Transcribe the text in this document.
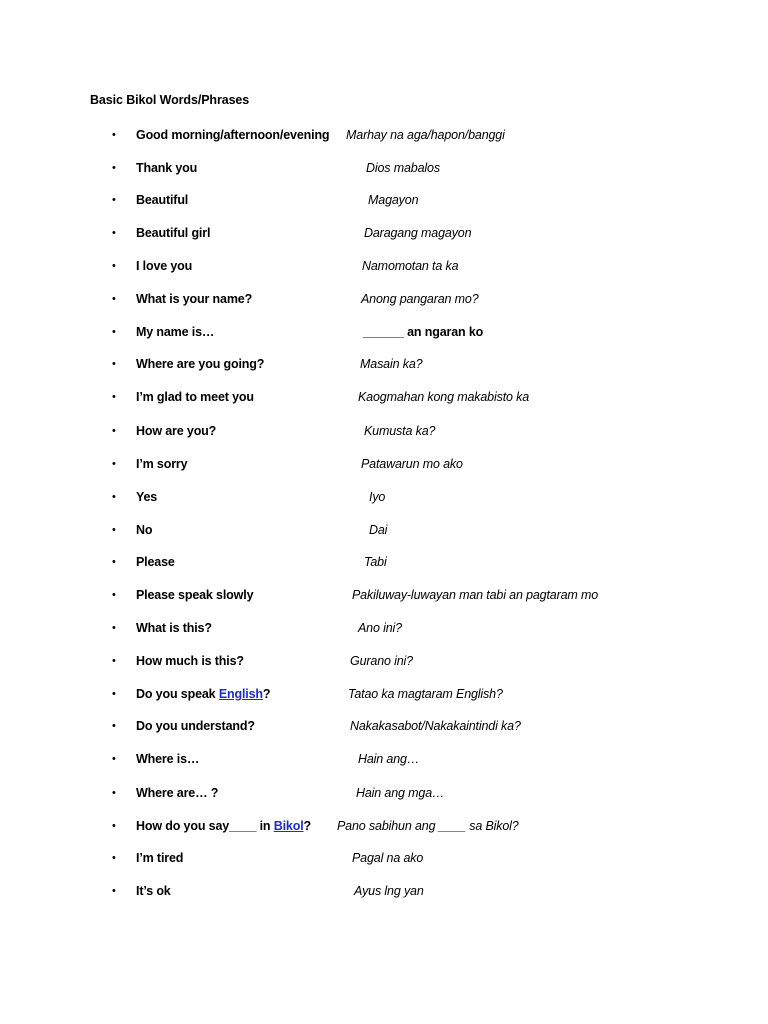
Basic Bikol Words/Phrases
• Good morning/afternoon/evening Marhay na aga/hapon/banggi
• Thank you	Dios mabalos
• Beautiful	Magayon
• Beautiful girl	Daragang magayon
• I love you	Namomotan ta ka
• What is your name?	Anong pangaran mo?
• My name is…	______ an ngaran ko
• Where are you going?	Masain ka?
• I’m glad to meet you	Kaogmahan kong makabisto ka
• How are you?	Kumusta ka?
• I’m sorry	Patawarun mo ako
• Yes	Iyo
• No	Dai
• Please	Tabi
• Please speak slowly	Pakiluway-luwayan man tabi an pagtaram mo
• What is this?	Ano ini?
• How much is this?	Gurano ini?
• Do you speak English?	Tatao ka magtaram English?
• Do you understand?	Nakakasabot/Nakakaintindi ka?
• Where is…	Hain ang…
• Where are… ?	Hain ang mga…
• How do you say____ in Bikol? Pano sabihun ang ____ sa Bikol?
• I’m tired	Pagal na ako
• It’s ok	Ayus lng yan
